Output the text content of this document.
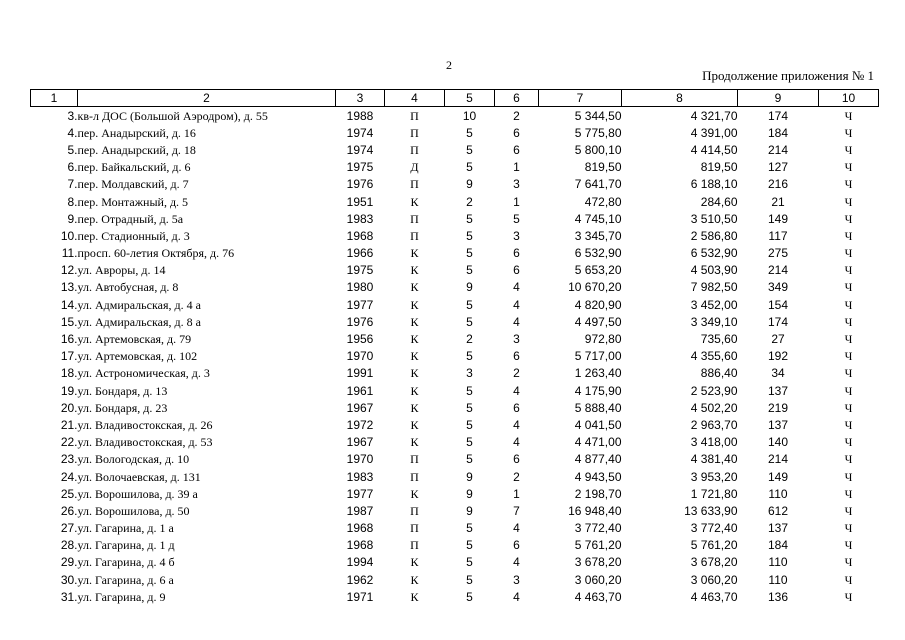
2
Продолжение приложения № 1
1	2	3	4	5	6	7	8	9	10
3.	кв-л ДОС (Большой Аэродром), д. 55	1988	П	10	2	5 344,50	4 321,70	174	Ч
4.	пер. Анадырский, д. 16	1974	П	5	6	5 775,80	4 391,00	184	Ч
5.	пер. Анадырский, д. 18	1974	П	5	6	5 800,10	4 414,50	214	Ч
6.	пер. Байкальский, д. 6	1975	Д	5	1	819,50	819,50	127	Ч
7.	пер. Молдавский, д. 7	1976	П	9	3	7 641,70	6 188,10	216	Ч
8.	пер. Монтажный, д. 5	1951	К	2	1	472,80	284,60	21	Ч
9.	пер. Отрадный, д. 5а	1983	П	5	5	4 745,10	3 510,50	149	Ч
10.	пер. Стадионный, д. 3	1968	П	5	3	3 345,70	2 586,80	117	Ч
11.	просп. 60-летия Октября, д. 76	1966	К	5	6	6 532,90	6 532,90	275	Ч
12.	ул. Авроры, д. 14	1975	К	5	6	5 653,20	4 503,90	214	Ч
13.	ул. Автобусная, д. 8	1980	К	9	4	10 670,20	7 982,50	349	Ч
14.	ул. Адмиральская, д. 4 а	1977	К	5	4	4 820,90	3 452,00	154	Ч
15.	ул. Адмиральская, д. 8 а	1976	К	5	4	4 497,50	3 349,10	174	Ч
16.	ул. Артемовская, д. 79	1956	К	2	3	972,80	735,60	27	Ч
17.	ул. Артемовская, д. 102	1970	К	5	6	5 717,00	4 355,60	192	Ч
18.	ул. Астрономическая, д. 3	1991	К	3	2	1 263,40	886,40	34	Ч
19.	ул. Бондаря, д. 13	1961	К	5	4	4 175,90	2 523,90	137	Ч
20.	ул. Бондаря, д. 23	1967	К	5	6	5 888,40	4 502,20	219	Ч
21.	ул. Владивостокская, д. 26	1972	К	5	4	4 041,50	2 963,70	137	Ч
22.	ул. Владивостокская, д. 53	1967	К	5	4	4 471,00	3 418,00	140	Ч
23.	ул. Вологодская, д. 10	1970	П	5	6	4 877,40	4 381,40	214	Ч
24.	ул. Волочаевская, д. 131	1983	П	9	2	4 943,50	3 953,20	149	Ч
25.	ул. Ворошилова, д. 39 а	1977	К	9	1	2 198,70	1 721,80	110	Ч
26.	ул. Ворошилова, д. 50	1987	П	9	7	16 948,40	13 633,90	612	Ч
27.	ул. Гагарина, д. 1 а	1968	П	5	4	3 772,40	3 772,40	137	Ч
28.	ул. Гагарина, д. 1 д	1968	П	5	6	5 761,20	5 761,20	184	Ч
29.	ул. Гагарина, д. 4 б	1994	К	5	4	3 678,20	3 678,20	110	Ч
30.	ул. Гагарина, д. 6 а	1962	К	5	3	3 060,20	3 060,20	110	Ч
31.	ул. Гагарина, д. 9	1971	К	5	4	4 463,70	4 463,70	136	Ч
